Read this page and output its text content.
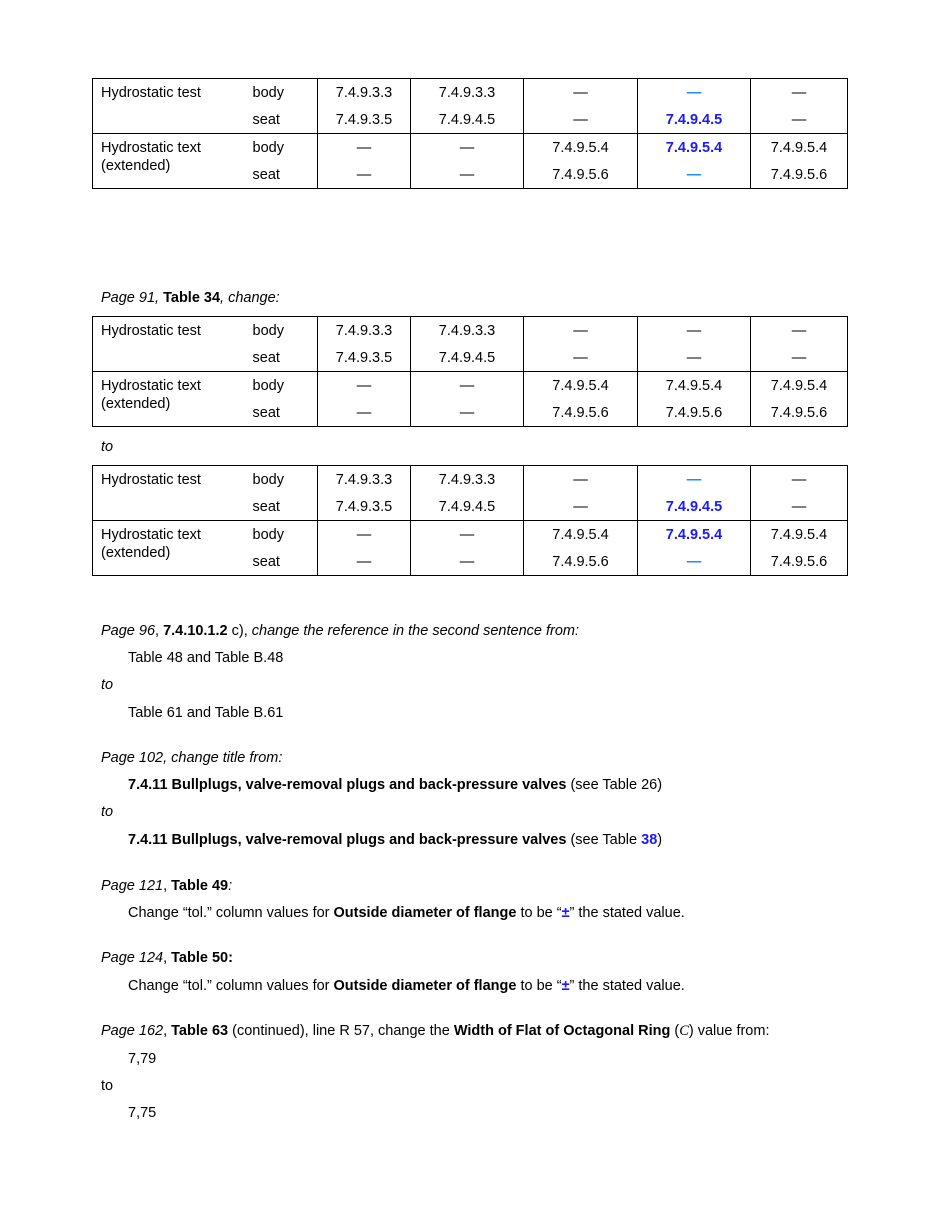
Hydrostatic test	body	7.4.9.3.3	7.4.9.3.3	—	—	—
	seat	7.4.9.3.5	7.4.9.4.5	—	7.4.9.4.5	—
Hydrostatic text
(extended)	body	—	—	7.4.9.5.4	7.4.9.5.4	7.4.9.5.4
	seat	—	—	7.4.9.5.6	—	7.4.9.5.6
Page 91, Table 34, change:
Hydrostatic test	body	7.4.9.3.3	7.4.9.3.3	—	—	—
	seat	7.4.9.3.5	7.4.9.4.5	—	—	—
Hydrostatic text
(extended)	body	—	—	7.4.9.5.4	7.4.9.5.4	7.4.9.5.4
	seat	—	—	7.4.9.5.6	7.4.9.5.6	7.4.9.5.6
to
Hydrostatic test	body	7.4.9.3.3	7.4.9.3.3	—	—	—
	seat	7.4.9.3.5	7.4.9.4.5	—	7.4.9.4.5	—
Hydrostatic text
(extended)	body	—	—	7.4.9.5.4	7.4.9.5.4	7.4.9.5.4
	seat	—	—	7.4.9.5.6	—	7.4.9.5.6
Page 96, 7.4.10.1.2 c), change the reference in the second sentence from:
Table 48 and Table B.48
to
Table 61 and Table B.61
Page 102, change title from:
7.4.11 Bullplugs, valve-removal plugs and back-pressure valves (see Table 26)
to
7.4.11 Bullplugs, valve-removal plugs and back-pressure valves (see Table 38)
Page 121, Table 49:
Change “tol.” column values for Outside diameter of flange to be “±” the stated value.
Page 124, Table 50:
Change “tol.” column values for Outside diameter of flange to be “±” the stated value.
Page 162, Table 63 (continued), line R 57, change the Width of Flat of Octagonal Ring (C) value from:
7,79
to
7,75
